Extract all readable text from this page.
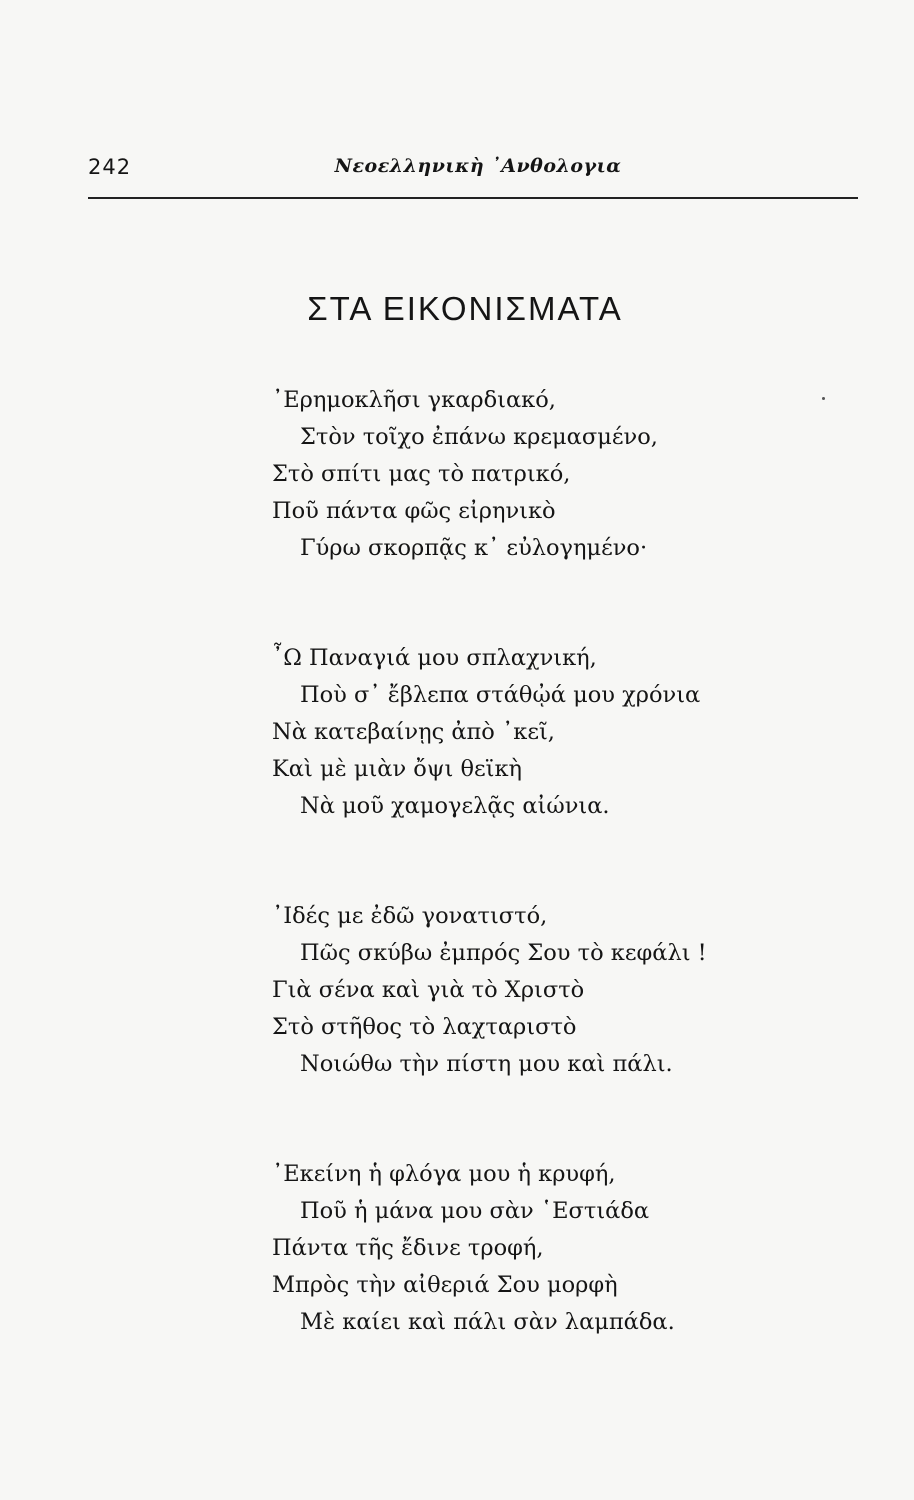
242	Νεοελληνικὴ ᾿Ανθολογια
ΣΤΑ ΕΙΚΟΝΙΣΜΑΤΑ
᾿Ερημοκλῆσι γκαρδιακό,
Στὸν τοῖχο ἐπάνω κρεμασμένο,
Στὸ σπίτι μας τὸ πατρικό,
Ποῦ πάντα φῶς εἰρηνικὸ
Γύρω σκορπᾷς κ᾿ εὐλογημένο·
῏Ω Παναγιά μου σπλαχνική,
Ποὺ σ᾿ ἔβλεπα στάθᾠά μου χρόνια
Νὰ κατεβαίνῃς ἀπὸ ᾿κεῖ,
Καὶ μὲ μιὰν ὄψι θεϊκὴ
Νὰ μοῦ χαμογελᾷς αἰώνια.
᾿Ιδές με ἐδῶ γονατιστό,
Πῶς σκύβω ἐμπρός Σου τὸ κεφάλι !
Γιὰ σένα καὶ γιὰ τὸ Χριστὸ
Στὸ στῆθος τὸ λαχταριστὸ
Νοιώθω τὴν πίστη μου καὶ πάλι.
᾿Εκείνη ἡ φλόγα μου ἡ κρυφή,
Ποῦ ἡ μάνα μου σὰν ῾Εστιάδα
Πάντα τῆς ἔδινε τροφή,
Μπρὸς τὴν αἰθεριά Σου μορφὴ
Μὲ καίει καὶ πάλι σὰν λαμπάδα.
